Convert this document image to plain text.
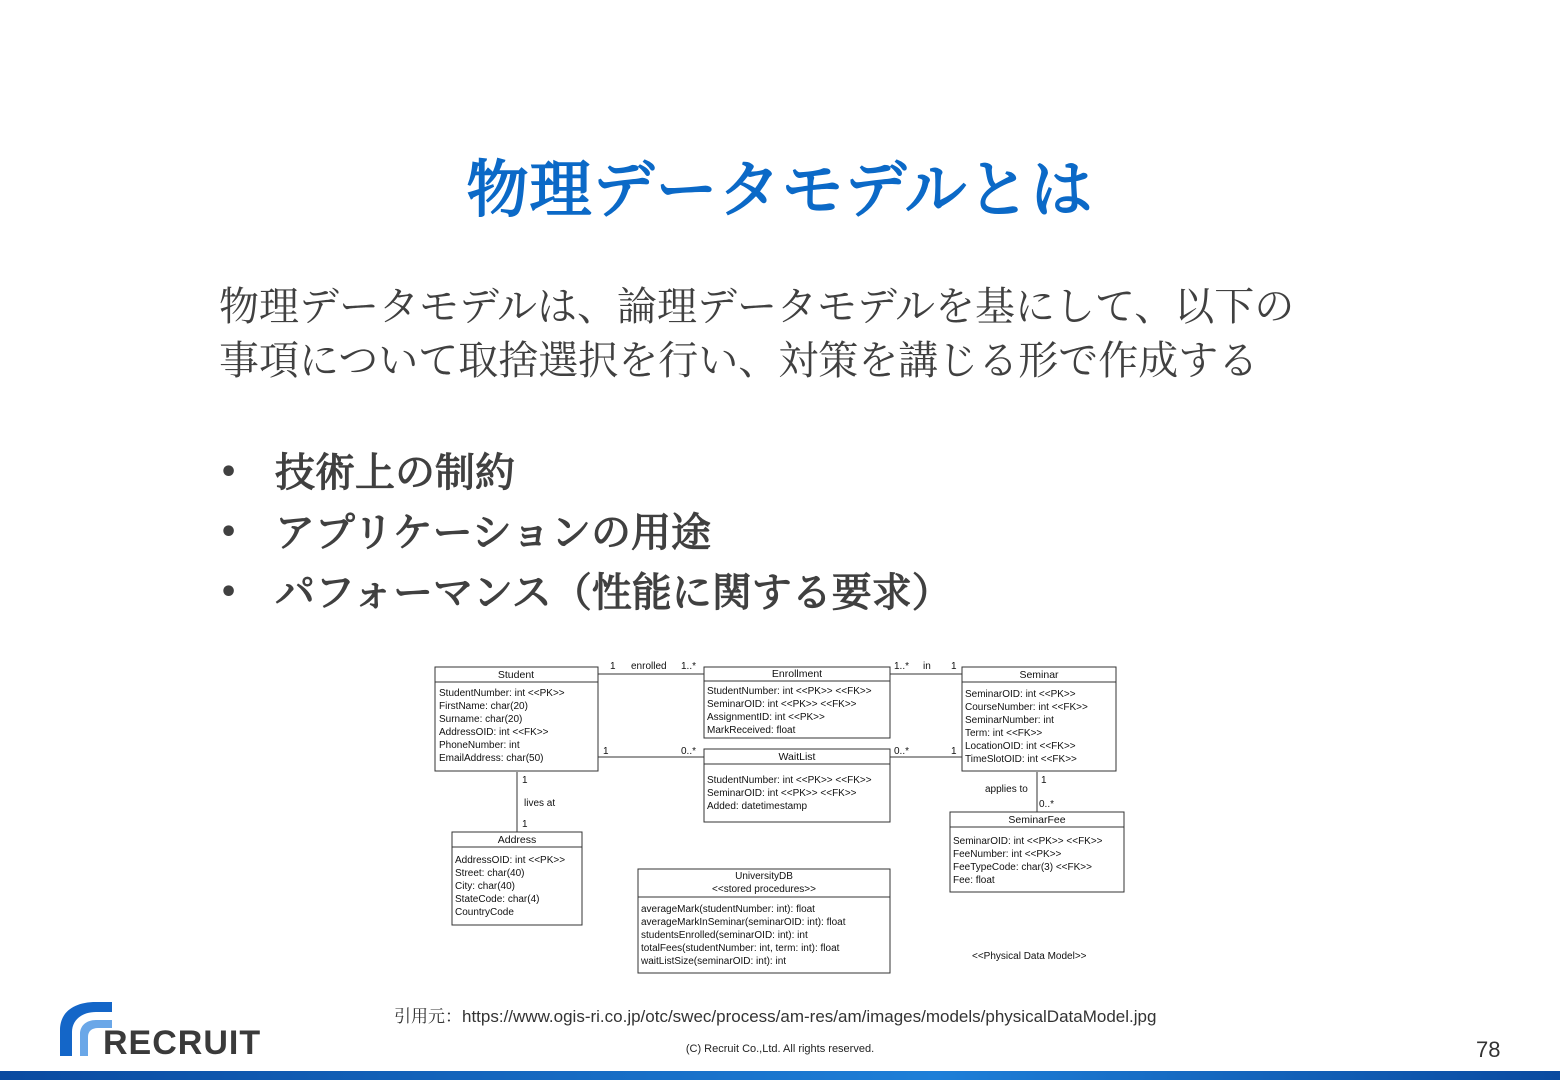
物理データモデルとは
物理データモデルは、論理データモデルを基にして、以下の事項について取捨選択を行い、対策を講じる形で作成する
• 技術上の制約
• アプリケーションの用途
• パフォーマンス（性能に関する要求）
Student
StudentNumber: int <<PK>>
FirstName: char(20)
Surname: char(20)
AddressOID: int <<FK>>
PhoneNumber: int
EmailAddress: char(50)
Enrollment
StudentNumber: int <<PK>> <<FK>>
SeminarOID: int <<PK>> <<FK>>
AssignmentID: int <<PK>>
MarkReceived: float
Seminar
SeminarOID: int <<PK>>
CourseNumber: int <<FK>>
SeminarNumber: int
Term: int <<FK>>
LocationOID: int <<FK>>
TimeSlotOID: int <<FK>>
WaitList
StudentNumber: int <<PK>> <<FK>>
SeminarOID: int <<PK>> <<FK>>
Added: datetimestamp
Address
AddressOID: int <<PK>>
Street: char(40)
City: char(40)
StateCode: char(4)
CountryCode
SeminarFee
SeminarOID: int <<PK>> <<FK>>
FeeNumber: int <<PK>>
FeeTypeCode: char(3) <<FK>>
Fee: float
UniversityDB
<<stored procedures>>
averageMark(studentNumber: int): float
averageMarkInSeminar(seminarOID: int): float
studentsEnrolled(seminarOID: int): int
totalFees(studentNumber: int, term: int): float
waitListSize(seminarOID: int): int
1 enrolled 1..*	1..* in 1
1	0..*	0..*	1
1
lives at
1
1
applies to
0..*
<<Physical Data Model>>
引用元：https://www.ogis-ri.co.jp/otc/swec/process/am-res/am/images/models/physicalDataModel.jpg
RECRUIT	(C) Recruit Co.,Ltd. All rights reserved.	78
